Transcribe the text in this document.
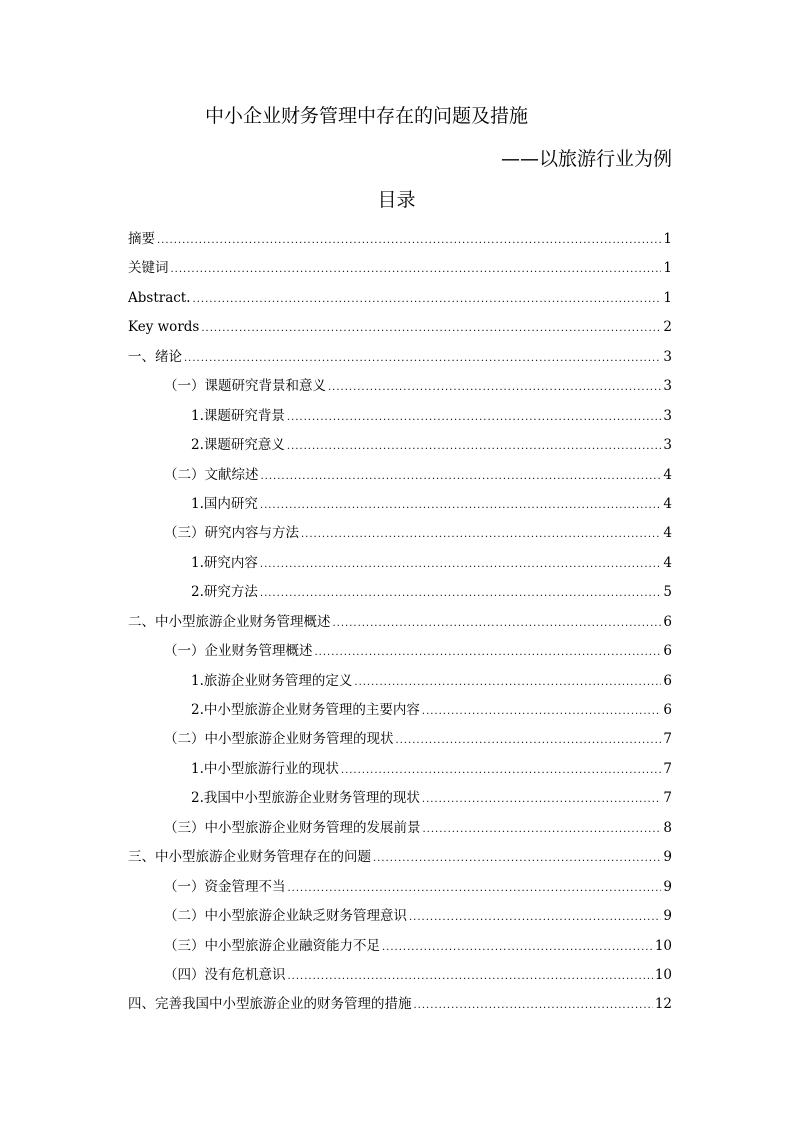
中小企业财务管理中存在的问题及措施
——以旅游行业为例
目录
摘要 .....	1
关键词 .....	1
Abstract. .....	1
Key words .....	2
一、绪论 .....	3
（一）课题研究背景和意义 .....	3
1.课题研究背景 .....	3
2.课题研究意义 .....	3
（二）文献综述 .....	4
1.国内研究 .....	4
（三）研究内容与方法 .....	4
1.研究内容 .....	4
2.研究方法 .....	5
二、中小型旅游企业财务管理概述 .....	6
（一）企业财务管理概述 .....	6
1.旅游企业财务管理的定义 .....	6
2.中小型旅游企业财务管理的主要内容 .....	6
（二）中小型旅游企业财务管理的现状 .....	7
1.中小型旅游行业的现状 .....	7
2.我国中小型旅游企业财务管理的现状 .....	7
（三）中小型旅游企业财务管理的发展前景 .....	8
三、中小型旅游企业财务管理存在的问题 .....	9
（一）资金管理不当 .....	9
（二）中小型旅游企业缺乏财务管理意识 .....	9
（三）中小型旅游企业融资能力不足 .....	10
（四）没有危机意识 .....	10
四、完善我国中小型旅游企业的财务管理的措施 .....	12
